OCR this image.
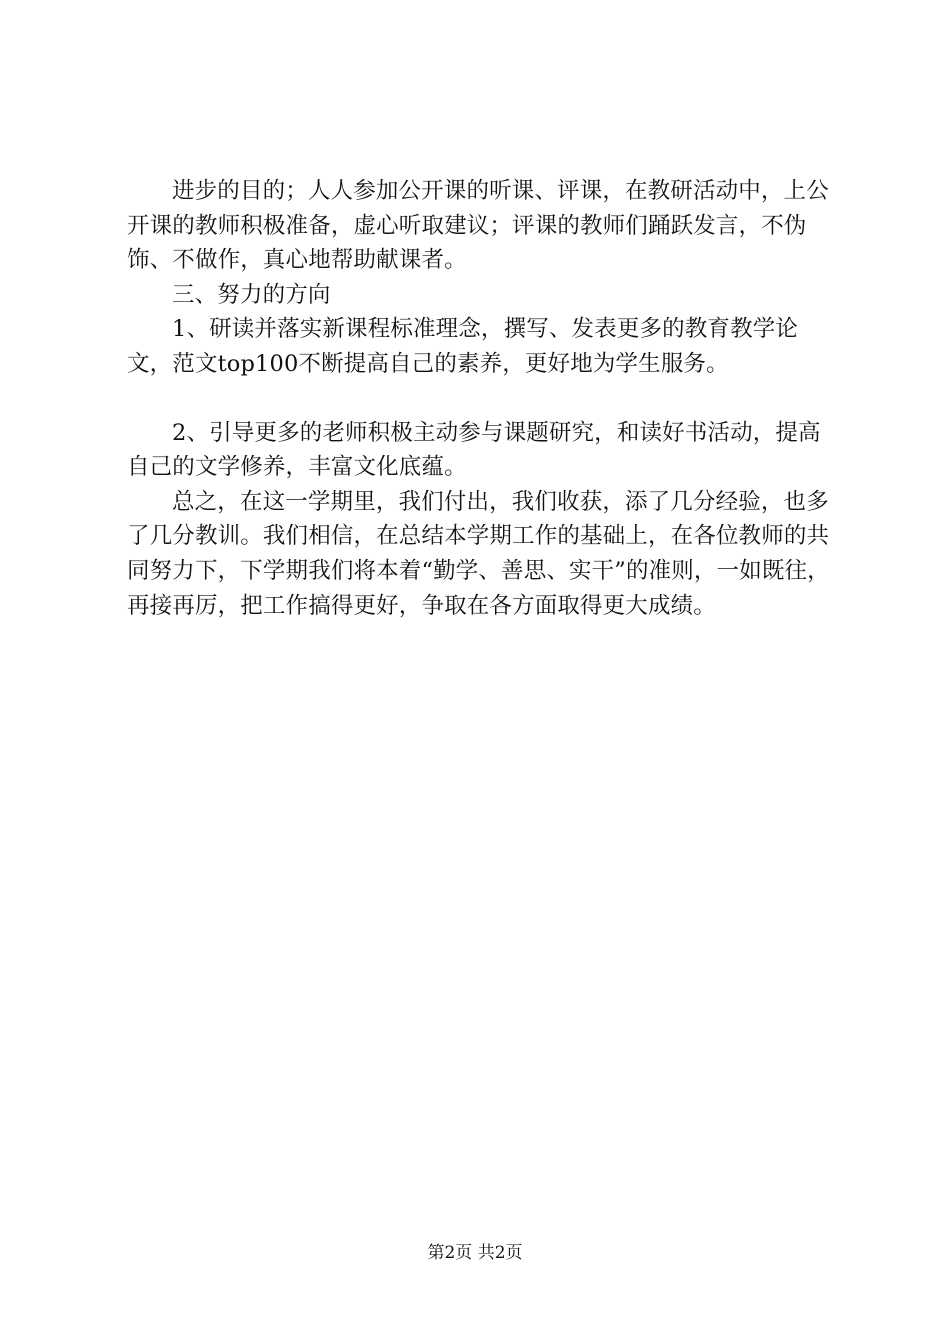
进步的目的；人人参加公开课的听课、评课，在教研活动中，上公开课的教师积极准备，虚心听取建议；评课的教师们踊跃发言，不伪饰、不做作，真心地帮助献课者。

三、努力的方向

1、研读并落实新课程标准理念，撰写、发表更多的教育教学论文，范文top100不断提高自己的素养，更好地为学生服务。

2、引导更多的老师积极主动参与课题研究，和读好书活动，提高自己的文学修养，丰富文化底蕴。

总之，在这一学期里，我们付出，我们收获，添了几分经验，也多了几分教训。我们相信，在总结本学期工作的基础上，在各位教师的共同努力下，下学期我们将本着“勤学、善思、实干”的准则，一如既往，再接再厉，把工作搞得更好，争取在各方面取得更大成绩。

第2页 共2页
